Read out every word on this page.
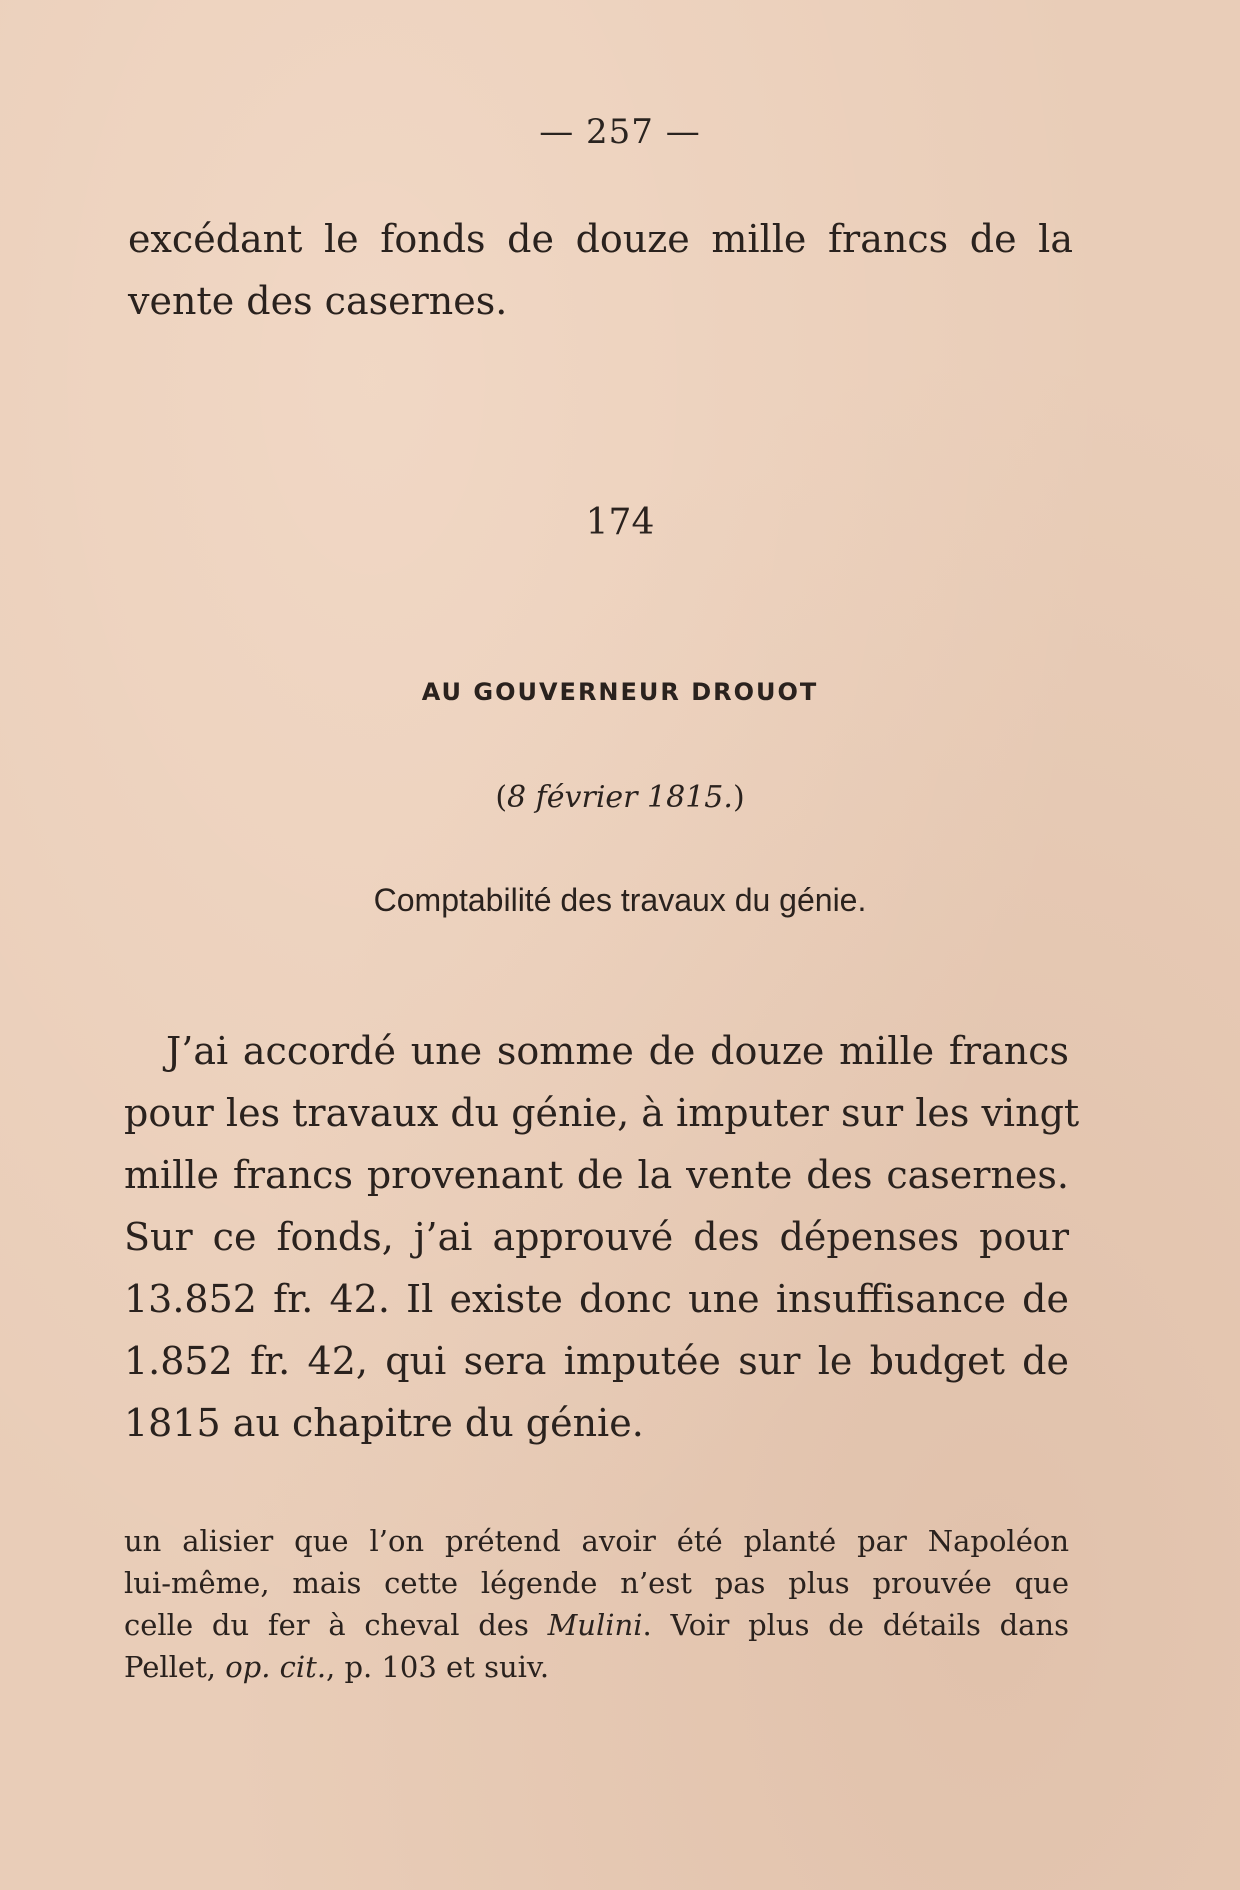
— 257 —
excédant le fonds de douze mille francs de la
vente des casernes.
174
AU GOUVERNEUR DROUOT
(8 février 1815.)
Comptabilité des travaux du génie.
J’ai accordé une somme de douze mille francs
pour les travaux du génie, à imputer sur les vingt
mille francs provenant de la vente des casernes.
Sur ce fonds, j’ai approuvé des dépenses pour
13.852 fr. 42. Il existe donc une insuffisance de
1.852 fr. 42, qui sera imputée sur le budget de
1815 au chapitre du génie.
un alisier que l’on prétend avoir été planté par Napoléon
lui-même, mais cette légende n’est pas plus prouvée que
celle du fer à cheval des Mulini. Voir plus de détails dans
Pellet, op. cit., p. 103 et suiv.
